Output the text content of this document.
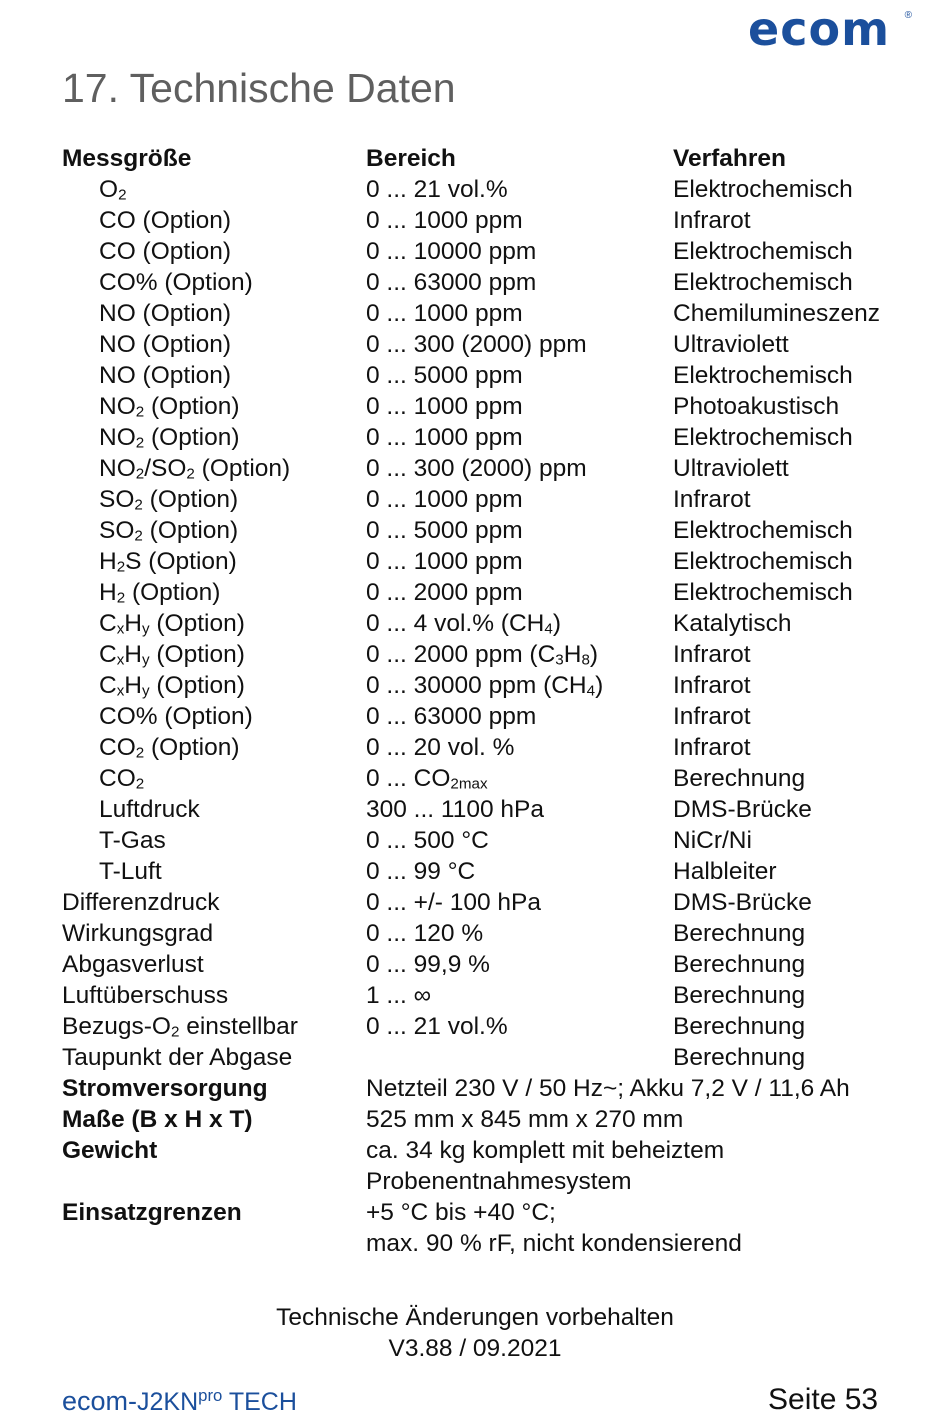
ecom ®
17. Technische Daten
Messgröße	Bereich	Verfahren
$O_2$	0 ... 21 vol.%	Elektrochemisch
CO (Option)	0 ... 1000 ppm	Infrarot
CO (Option)	0 ... 10000 ppm	Elektrochemisch
CO% (Option)	0 ... 63000 ppm	Elektrochemisch
NO (Option)	0 ... 1000 ppm	Chemilumineszenz
NO (Option)	0 ... 300 (2000) ppm	Ultraviolett
NO (Option)	0 ... 5000 ppm	Elektrochemisch
$NO_2$ (Option)	0 ... 1000 ppm	Photoakustisch
$NO_2$ (Option)	0 ... 1000 ppm	Elektrochemisch
$NO_2/SO_2$ (Option)	0 ... 300 (2000) ppm	Ultraviolett
$SO_2$ (Option)	0 ... 1000 ppm	Infrarot
$SO_2$ (Option)	0 ... 5000 ppm	Elektrochemisch
$H_2S$ (Option)	0 ... 1000 ppm	Elektrochemisch
$H_2$ (Option)	0 ... 2000 ppm	Elektrochemisch
$C_xH_y$ (Option)	0 ... 4 vol.% $(CH_4)$	Katalytisch
$C_xH_y$ (Option)	0 ... 2000 ppm $(C_3H_8)$	Infrarot
$C_xH_y$ (Option)	0 ... 30000 ppm $(CH_4)$	Infrarot
CO% (Option)	0 ... 63000 ppm	Infrarot
$CO_2$ (Option)	0 ... 20 vol. %	Infrarot
$CO_2$	0 ... $CO_{2max}$	Berechnung
Luftdruck	300 ... 1100 hPa	DMS-Brücke
T-Gas	0 ... 500 °C	NiCr/Ni
T-Luft	0 ... 99 °C	Halbleiter
Differenzdruck	0 ... +/- 100 hPa	DMS-Brücke
Wirkungsgrad	0 ... 120 %	Berechnung
Abgasverlust	0 ... 99,9 %	Berechnung
Luftüberschuss	1 ... ∞	Berechnung
Bezugs-$O_2$ einstellbar	0 ... 21 vol.%	Berechnung
Taupunkt der Abgase		Berechnung
Stromversorgung	Netzteil 230 V / 50 Hz~; Akku 7,2 V / 11,6 Ah	
Maße (B x H x T)	525 mm x 845 mm x 270 mm	
Gewicht	ca. 34 kg komplett mit beheiztem	
	Probenentnahmesystem	
Einsatzgrenzen	+5 °C bis +40 °C;	
	max. 90 % rF, nicht kondensierend	
Technische Änderungen vorbehalten
V3.88 / 09.2021
ecom-$J2KN^{pro}$ TECH	Seite 53
